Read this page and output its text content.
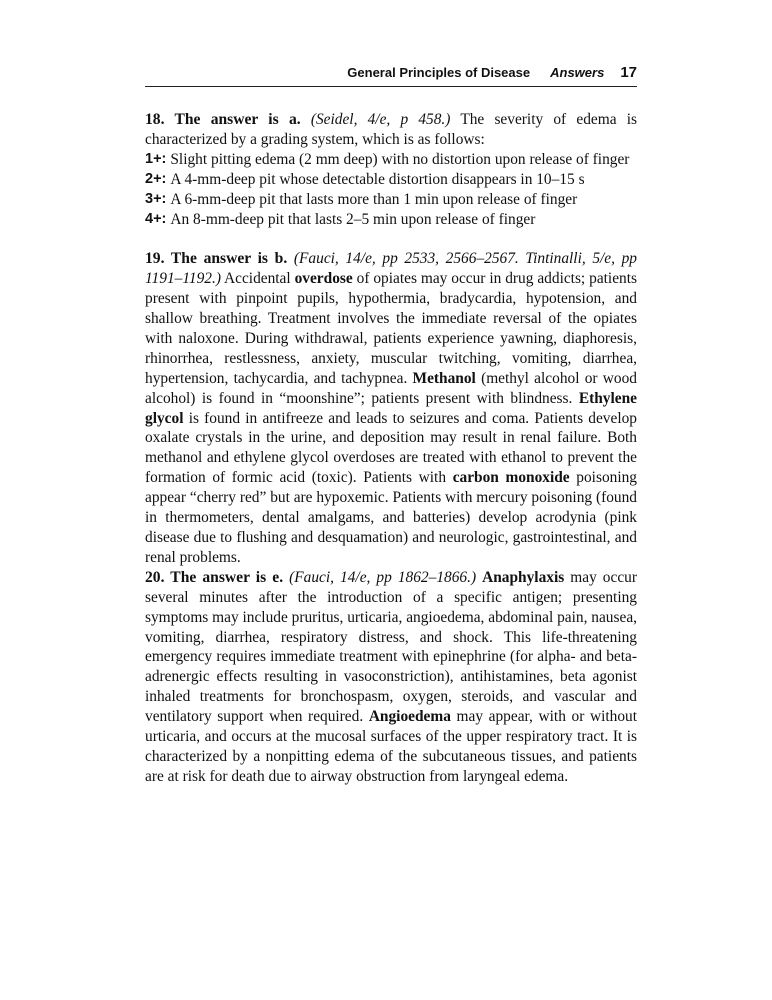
General Principles of Disease Answers 17
18. The answer is a. (Seidel, 4/e, p 458.) The severity of edema is characterized by a grading system, which is as follows:
1+: Slight pitting edema (2 mm deep) with no distortion upon release of finger
2+: A 4-mm-deep pit whose detectable distortion disappears in 10–15 s
3+: A 6-mm-deep pit that lasts more than 1 min upon release of finger
4+: An 8-mm-deep pit that lasts 2–5 min upon release of finger
19. The answer is b. (Fauci, 14/e, pp 2533, 2566–2567. Tintinalli, 5/e, pp 1191–1192.) Accidental overdose of opiates may occur in drug addicts; patients present with pinpoint pupils, hypothermia, bradycardia, hypotension, and shallow breathing. Treatment involves the immediate reversal of the opiates with naloxone. During withdrawal, patients experience yawning, diaphoresis, rhinorrhea, restlessness, anxiety, muscular twitching, vomiting, diarrhea, hypertension, tachycardia, and tachypnea. Methanol (methyl alcohol or wood alcohol) is found in “moonshine”; patients present with blindness. Ethylene glycol is found in antifreeze and leads to seizures and coma. Patients develop oxalate crystals in the urine, and deposition may result in renal failure. Both methanol and ethylene glycol overdoses are treated with ethanol to prevent the formation of formic acid (toxic). Patients with carbon monoxide poisoning appear “cherry red” but are hypoxemic. Patients with mercury poisoning (found in thermometers, dental amalgams, and batteries) develop acrodynia (pink disease due to flushing and desquamation) and neurologic, gastrointestinal, and renal problems.
20. The answer is e. (Fauci, 14/e, pp 1862–1866.) Anaphylaxis may occur several minutes after the introduction of a specific antigen; presenting symptoms may include pruritus, urticaria, angioedema, abdominal pain, nausea, vomiting, diarrhea, respiratory distress, and shock. This life-threatening emergency requires immediate treatment with epinephrine (for alpha- and beta-adrenergic effects resulting in vasoconstriction), antihistamines, beta agonist inhaled treatments for bronchospasm, oxygen, steroids, and vascular and ventilatory support when required. Angioedema may appear, with or without urticaria, and occurs at the mucosal surfaces of the upper respiratory tract. It is characterized by a nonpitting edema of the subcutaneous tissues, and patients are at risk for death due to airway obstruction from laryngeal edema.
